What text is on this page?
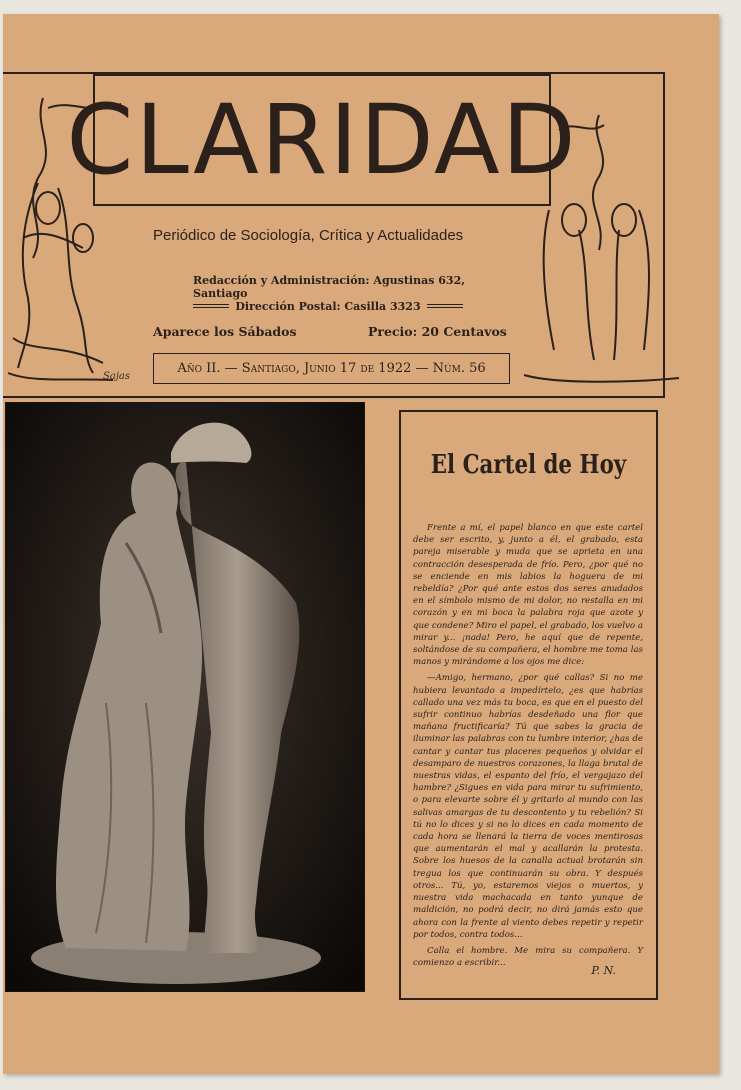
CLARIDAD
Periódico de Sociología, Crítica y Actualidades
Redacción y Administración: Agustinas 632, Santiago
Dirección Postal: Casilla 3323
Aparece los Sábados	Precio: 20 Centavos
Año II. — Santiago, Junio 17 de 1922 — Núm. 56
Sajas
El Cartel de Hoy

Frente a mí, el papel blanco en que este cartel debe ser escrito, y, junto a él, el grabado, esta pareja miserable y muda que se aprieta en una contracción desesperada de frío. Pero, ¿por qué no se enciende en mis labios la hoguera de mi rebeldía? ¿Por qué ante estos dos seres anudados en el símbolo mismo de mi dolor, no restalla en mi corazón y en mi boca la palabra roja que azote y que condene? Miro el papel, el grabado, los vuelvo a mirar y... ¡nada! Pero, he aquí que de repente, soltándose de su compañera, el hombre me toma las manos y mirándome a los ojos me dice:

—Amigo, hermano, ¿por qué callas? Si no me hubiera levantado a impedírtelo, ¿es que habrías callado una vez más tu boca, es que en el puesto del sufrir continuo habrías desdeñado una flor que mañana fructificaría? Tú que sabes la gracia de iluminar las palabras con tu lumbre interior, ¿has de cantar y cantar tus placeres pequeños y olvidar el desamparo de nuestros corazones, la llaga brutal de nuestras vidas, el espanto del frío, el vergajazo del hambre? ¿Sigues en vida para mirar tu sufrimiento, o para elevarte sobre él y gritarlo al mundo con las salivas amargas de tu descontento y tu rebelión? Si tú no lo dices y si no lo dices en cada momento de cada hora se llenará la tierra de voces mentirosas que aumentarán el mal y acallarán la protesta. Sobre los huesos de la canalla actual brotarán sin tregua los que continuarán su obra. Y después otros... Tú, yo, estaremos viejos o muertos, y nuestra vida machacada en tanto yunque de maldición, no podrá decir, no dirá jamás esto que ahora con la frente al viento debes repetir y repetir por todos, contra todos...

Calla el hombre. Me mira su compañera. Y comienzo a escribir...

P. N.
